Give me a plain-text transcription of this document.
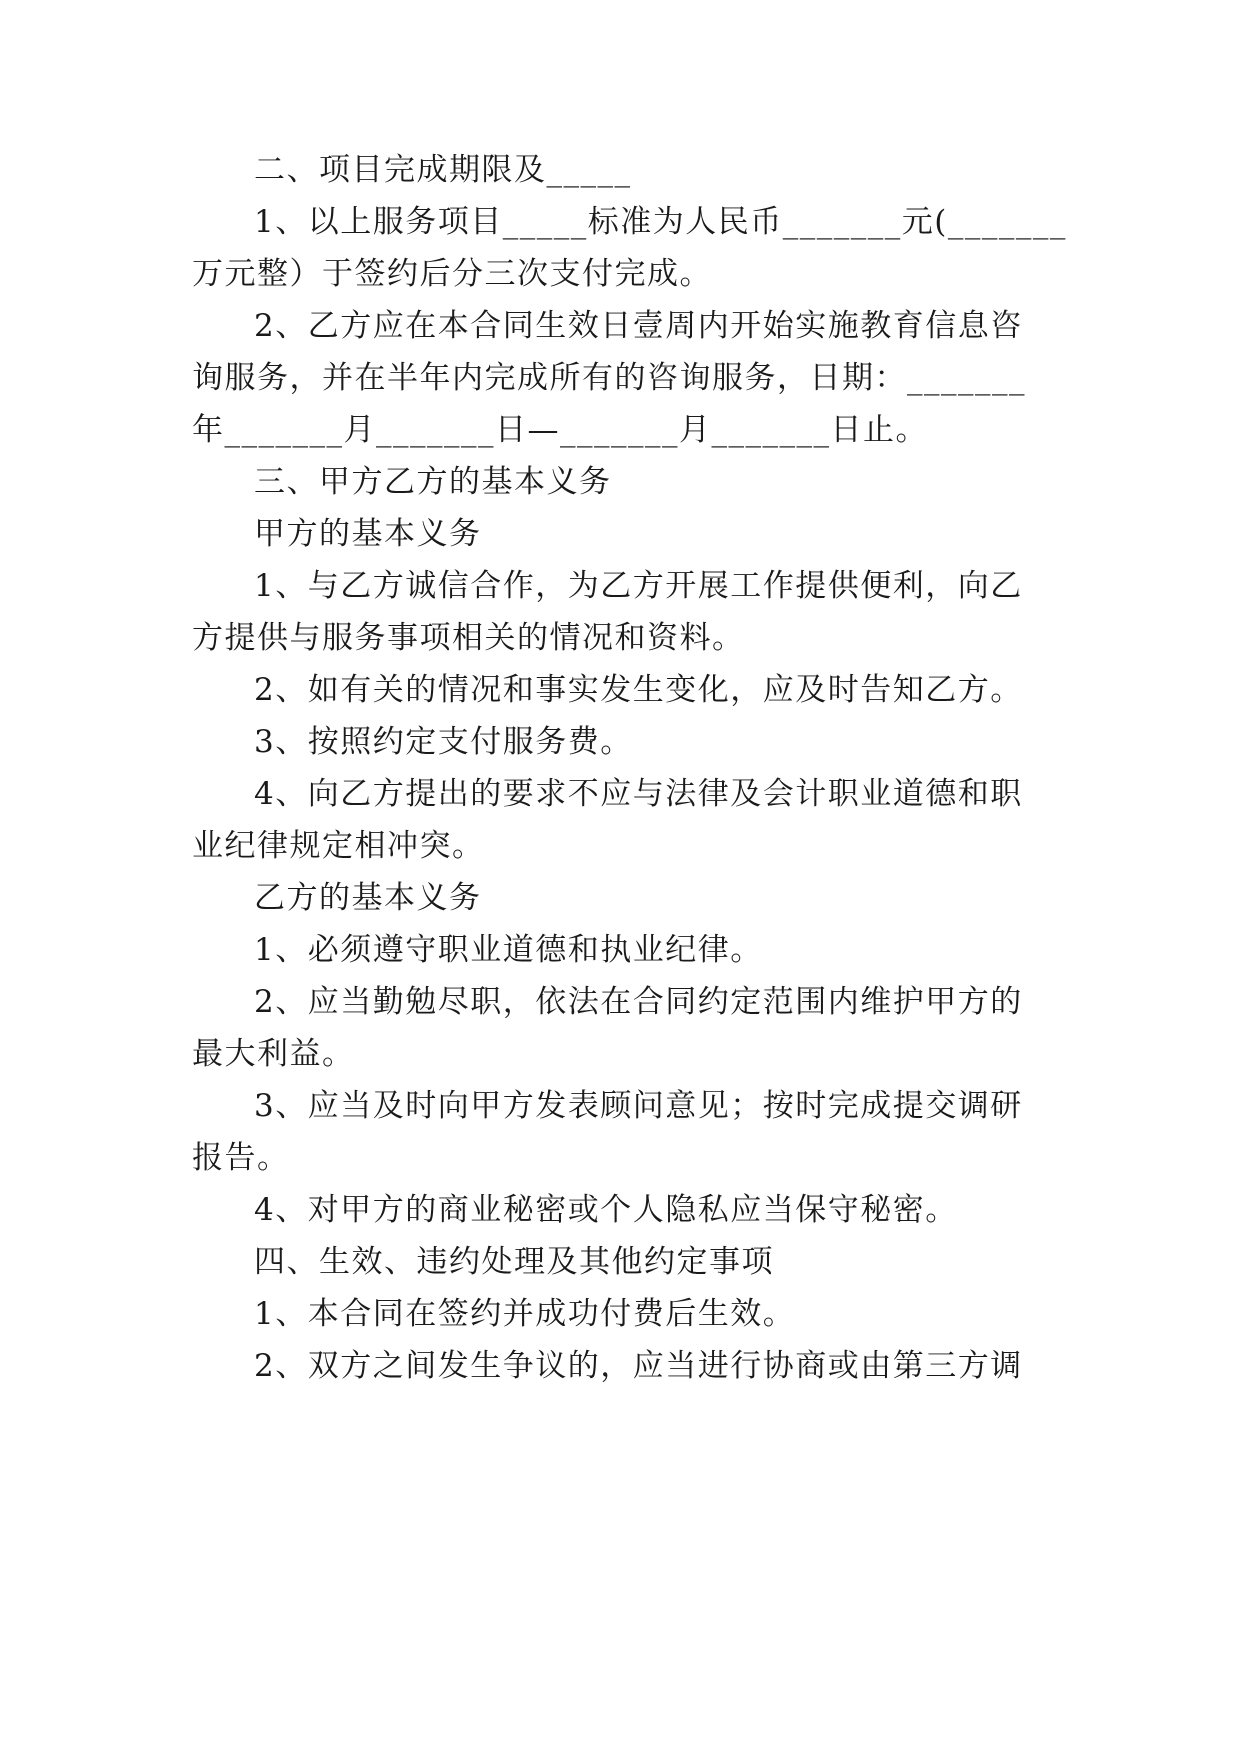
二、项目完成期限及_____
1、以上服务项目_____标准为人民币_______元(_______
万元整）于签约后分三次支付完成。
2、乙方应在本合同生效日壹周内开始实施教育信息咨
询服务，并在半年内完成所有的咨询服务，日期：_______
年_______月_______日—_______月_______日止。
三、甲方乙方的基本义务
甲方的基本义务
1、与乙方诚信合作，为乙方开展工作提供便利，向乙
方提供与服务事项相关的情况和资料。
2、如有关的情况和事实发生变化，应及时告知乙方。
3、按照约定支付服务费。
4、向乙方提出的要求不应与法律及会计职业道德和职
业纪律规定相冲突。
乙方的基本义务
1、必须遵守职业道德和执业纪律。
2、应当勤勉尽职，依法在合同约定范围内维护甲方的
最大利益。
3、应当及时向甲方发表顾问意见；按时完成提交调研
报告。
4、对甲方的商业秘密或个人隐私应当保守秘密。
四、生效、违约处理及其他约定事项
1、本合同在签约并成功付费后生效。
2、双方之间发生争议的，应当进行协商或由第三方调
